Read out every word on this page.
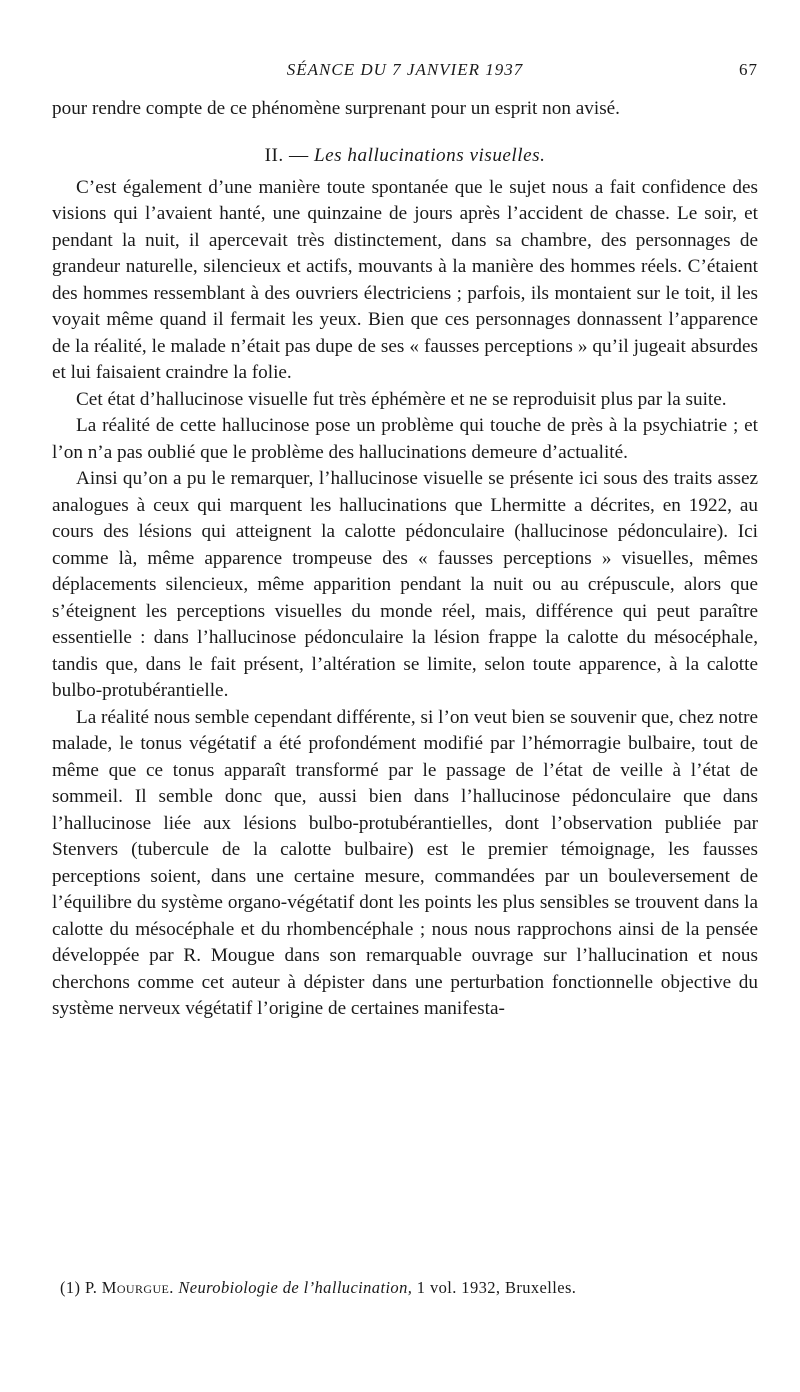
SÉANCE DU 7 JANVIER 1937	67

pour rendre compte de ce phénomène surprenant pour un esprit non avisé.

II. — Les hallucinations visuelles.

C’est également d’une manière toute spontanée que le sujet nous a fait confidence des visions qui l’avaient hanté, une quinzaine de jours après l’accident de chasse. Le soir, et pendant la nuit, il apercevait très distinctement, dans sa chambre, des personnages de grandeur naturelle, silencieux et actifs, mouvants à la manière des hommes réels. C’étaient des hommes ressemblant à des ouvriers électriciens ; parfois, ils montaient sur le toit, il les voyait même quand il fermait les yeux. Bien que ces personnages donnassent l’apparence de la réalité, le malade n’était pas dupe de ses « fausses perceptions » qu’il jugeait absurdes et lui faisaient craindre la folie.

Cet état d’hallucinose visuelle fut très éphémère et ne se reproduisit plus par la suite.

La réalité de cette hallucinose pose un problème qui touche de près à la psychiatrie ; et l’on n’a pas oublié que le problème des hallucinations demeure d’actualité.

Ainsi qu’on a pu le remarquer, l’hallucinose visuelle se présente ici sous des traits assez analogues à ceux qui marquent les hallucinations que Lhermitte a décrites, en 1922, au cours des lésions qui atteignent la calotte pédonculaire (hallucinose pédonculaire). Ici comme là, même apparence trompeuse des « fausses perceptions » visuelles, mêmes déplacements silencieux, même apparition pendant la nuit ou au crépuscule, alors que s’éteignent les perceptions visuelles du monde réel, mais, différence qui peut paraître essentielle : dans l’hallucinose pédonculaire la lésion frappe la calotte du mésocéphale, tandis que, dans le fait présent, l’altération se limite, selon toute apparence, à la calotte bulbo-protubérantielle.

La réalité nous semble cependant différente, si l’on veut bien se souvenir que, chez notre malade, le tonus végétatif a été profondément modifié par l’hémorragie bulbaire, tout de même que ce tonus apparaît transformé par le passage de l’état de veille à l’état de sommeil. Il semble donc que, aussi bien dans l’hallucinose pédonculaire que dans l’hallucinose liée aux lésions bulbo-protubérantielles, dont l’observation publiée par Stenvers (tubercule de la calotte bulbaire) est le premier témoignage, les fausses perceptions soient, dans une certaine mesure, commandées par un bouleversement de l’équilibre du système organo-végétatif dont les points les plus sensibles se trouvent dans la calotte du mésocéphale et du rhombencéphale ; nous nous rapprochons ainsi de la pensée développée par R. Mougue dans son remarquable ouvrage sur l’hallucination et nous cherchons comme cet auteur à dépister dans une perturbation fonctionnelle objective du système nerveux végétatif l’origine de certaines manifesta-

(1) P. Mourgue. Neurobiologie de l’hallucination, 1 vol. 1932, Bruxelles.
